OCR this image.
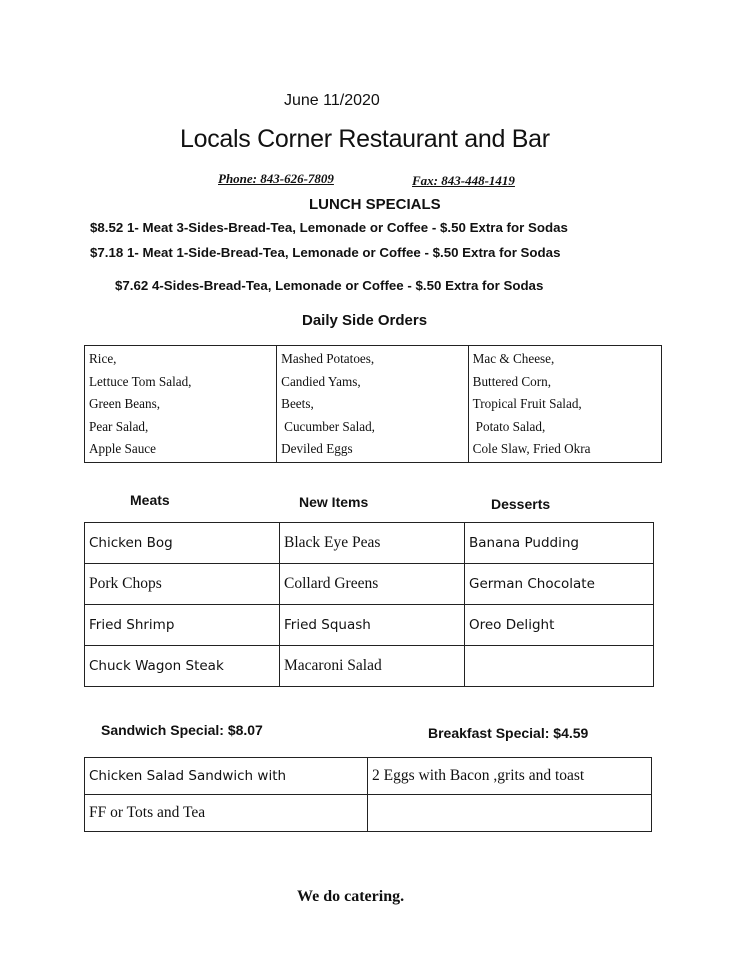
June 11/2020
Locals Corner Restaurant and Bar
Phone: 843-626-7809	Fax: 843-448-1419
LUNCH SPECIALS
$8.52 1- Meat 3-Sides-Bread-Tea, Lemonade or Coffee - $.50 Extra for Sodas
$7.18 1- Meat 1-Side-Bread-Tea, Lemonade or Coffee - $.50 Extra for Sodas
$7.62 4-Sides-Bread-Tea, Lemonade or Coffee - $.50 Extra for Sodas
Daily Side Orders
Rice,
Lettuce Tom Salad,
Green Beans,
Pear Salad,
Apple Sauce

Mashed Potatoes,
Candied Yams,
Beets,
Cucumber Salad,
Deviled Eggs

Mac & Cheese,
Buttered Corn,
Tropical Fruit Salad,
Potato Salad,
Cole Slaw, Fried Okra
Meats	New Items	Desserts
Chicken Bog	Black Eye Peas	Banana Pudding
Pork Chops	Collard Greens	German Chocolate
Fried Shrimp	Fried Squash	Oreo Delight
Chuck Wagon Steak	Macaroni Salad	
Sandwich Special: $8.07	Breakfast Special: $4.59
Chicken Salad Sandwich with	2 Eggs with Bacon ,grits and toast
FF or Tots and Tea	
We do catering.
